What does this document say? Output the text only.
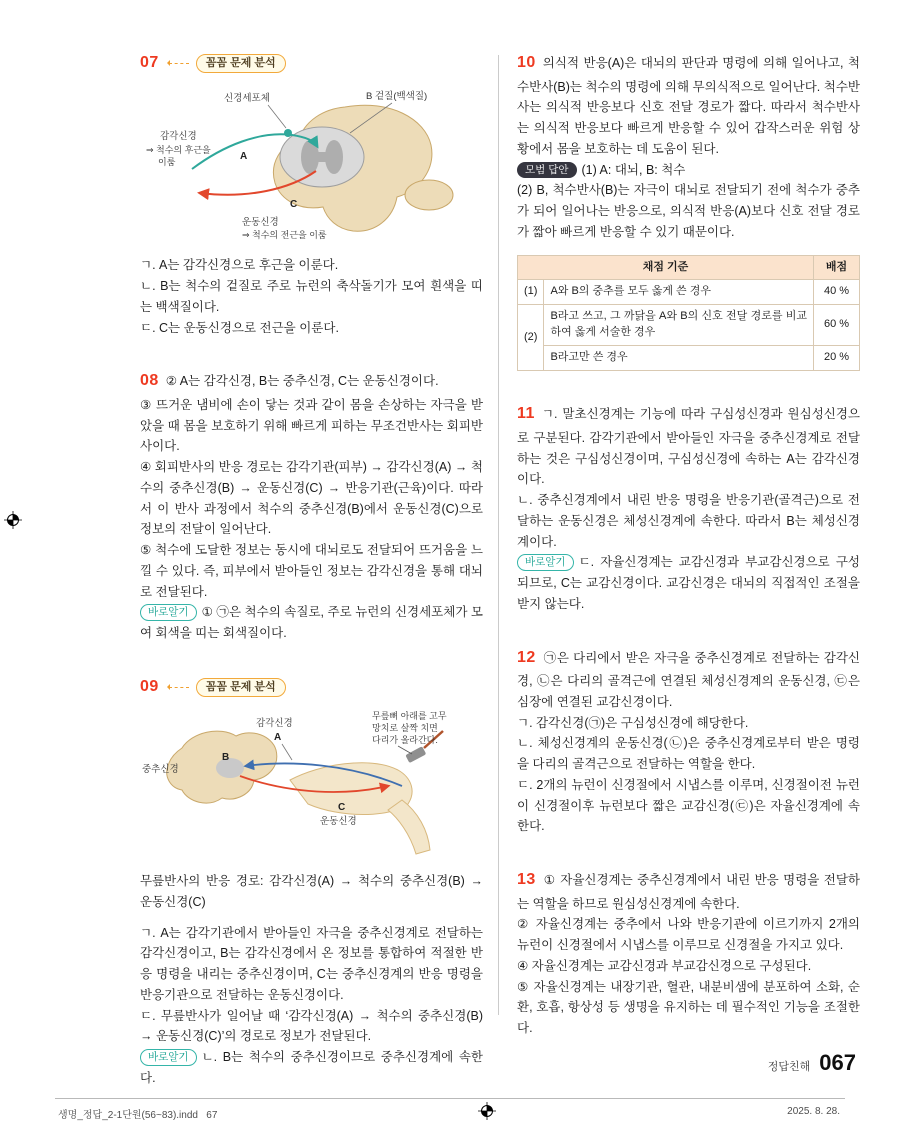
07	꼼꼼 문제 분석
신경세포체	B 겉질(백색질)
감각신경
⇒ 척수의 후근을
이룸	A
C
운동신경
⇒ 척수의 전근을 이룸

ㄱ. A는 감각신경으로 후근을 이룬다.

ㄴ. B는 척수의 겉질로 주로 뉴런의 축삭돌기가 모여 흰색을 띠는 백색질이다.

ㄷ. C는 운동신경으로 전근을 이룬다.

08 ② A는 감각신경, B는 중추신경, C는 운동신경이다.

③ 뜨거운 냄비에 손이 닿는 것과 같이 몸을 손상하는 자극을 받았을 때 몸을 보호하기 위해 빠르게 피하는 무조건반사는 회피반사이다.

④ 회피반사의 반응 경로는 감각기관(피부) → 감각신경(A) → 척수의 중추신경(B) → 운동신경(C) → 반응기관(근육)이다. 따라서 이 반사 과정에서 척수의 중추신경(B)에서 운동신경(C)으로 정보의 전달이 일어난다.

⑤ 척수에 도달한 정보는 동시에 대뇌로도 전달되어 뜨거움을 느낄 수 있다. 즉, 피부에서 받아들인 정보는 감각신경을 통해 대뇌로 전달된다.

바로알기 ① ㉠은 척수의 속질로, 주로 뉴런의 신경세포체가 모여 회색을 띠는 회색질이다.

09	꼼꼼 문제 분석
감각신경
A
중추신경
B
C
운동신경
무릎뼈 아래를 고무
망치로 살짝 치면
다리가 올라간다.

무릎반사의 반응 경로: 감각신경(A) → 척수의 중추신경(B) → 운동신경(C)

ㄱ. A는 감각기관에서 받아들인 자극을 중추신경계로 전달하는 감각신경이고, B는 감각신경에서 온 정보를 통합하여 적절한 반응 명령을 내리는 중추신경이며, C는 중추신경계의 반응 명령을 반응기관으로 전달하는 운동신경이다.

ㄷ. 무릎반사가 일어날 때 ‘감각신경(A) → 척수의 중추신경(B) → 운동신경(C)’의 경로로 정보가 전달된다.

바로알기 ㄴ. B는 척수의 중추신경이므로 중추신경계에 속한다.

10 의식적 반응(A)은 대뇌의 판단과 명령에 의해 일어나고, 척수반사(B)는 척수의 명령에 의해 무의식적으로 일어난다. 척수반사는 의식적 반응보다 신호 전달 경로가 짧다. 따라서 척수반사는 의식적 반응보다 빠르게 반응할 수 있어 갑작스러운 위험 상황에서 몸을 보호하는 데 도움이 된다.

모범 답안 (1) A: 대뇌, B: 척수

(2) B, 척수반사(B)는 자극이 대뇌로 전달되기 전에 척수가 중추가 되어 일어나는 반응으로, 의식적 반응(A)보다 신호 전달 경로가 짧아 빠르게 반응할 수 있기 때문이다.

채점 기준		배점
(1)	A와 B의 중추를 모두 옳게 쓴 경우	40 %
(2)	B라고 쓰고, 그 까닭을 A와 B의 신호 전달 경로를 비교하여 옳게 서술한 경우	60 %
	B라고만 쓴 경우	20 %

11 ㄱ. 말초신경계는 기능에 따라 구심성신경과 원심성신경으로 구분된다. 감각기관에서 받아들인 자극을 중추신경계로 전달하는 것은 구심성신경이며, 구심성신경에 속하는 A는 감각신경이다.

ㄴ. 중추신경계에서 내린 반응 명령을 반응기관(골격근)으로 전달하는 운동신경은 체성신경계에 속한다. 따라서 B는 체성신경계이다.

바로알기 ㄷ. 자율신경계는 교감신경과 부교감신경으로 구성되므로, C는 교감신경이다. 교감신경은 대뇌의 직접적인 조절을 받지 않는다.

12 ㉠은 다리에서 받은 자극을 중추신경계로 전달하는 감각신경, ㉡은 다리의 골격근에 연결된 체성신경계의 운동신경, ㉢은 심장에 연결된 교감신경이다.

ㄱ. 감각신경(㉠)은 구심성신경에 해당한다.

ㄴ. 체성신경계의 운동신경(㉡)은 중추신경계로부터 받은 명령을 다리의 골격근으로 전달하는 역할을 한다.

ㄷ. 2개의 뉴런이 신경절에서 시냅스를 이루며, 신경절이전 뉴런이 신경절이후 뉴런보다 짧은 교감신경(㉢)은 자율신경계에 속한다.

13 ① 자율신경계는 중추신경계에서 내린 반응 명령을 전달하는 역할을 하므로 원심성신경계에 속한다.

② 자율신경계는 중추에서 나와 반응기관에 이르기까지 2개의 뉴런이 신경절에서 시냅스를 이루므로 신경절을 가지고 있다.

④ 자율신경계는 교감신경과 부교감신경으로 구성된다.

⑤ 자율신경계는 내장기관, 혈관, 내분비샘에 분포하여 소화, 순환, 호흡, 항상성 등 생명을 유지하는 데 필수적인 기능을 조절한다.

정답친해 067
생명_정답_2-1단원(56~83).indd   67	2025. 8. 28.
